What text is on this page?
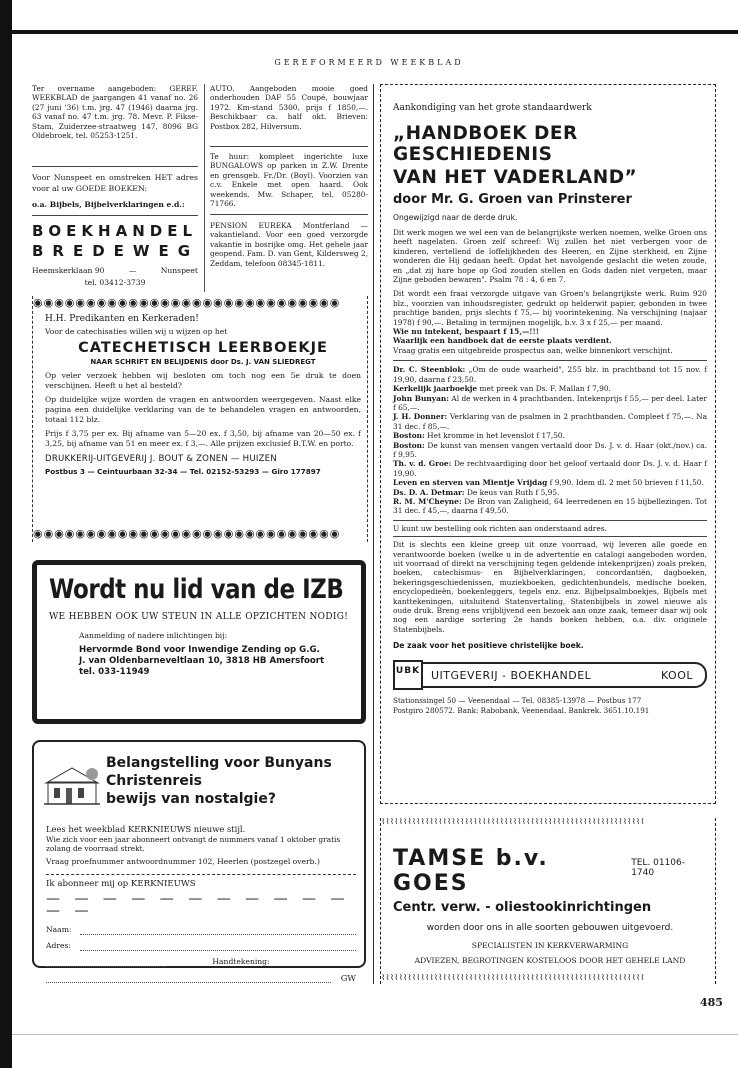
GEREFORMEERD WEEKBLAD
Ter overname aangeboden: GEREF. WEEKBLAD de jaargangen 41 vanaf no. 26 (27 juni '36) t.m. jrg. 47 (1946) daarna jrg. 63 vanaf no. 47 t.m. jrg. 78. Mevr. P. Fikse-Stam, Zuiderzee-straatweg 147, 8096 BG Oldebroek, tel. 05253-1251.
Voor Nunspeet en omstreken HET adres voor al uw GOEDE BOEKEN:
o.a. Bijbels, Bijbelverklaringen e.d.:
BOEKHANDEL
BREDEWEG
Heemskerklaan 90	—	Nunspeet
tel. 03412-3739
AUTO. Aangeboden mooie goed onderhouden DAF 55 Coupé, bouwjaar 1972. Km-stand 5300, prijs f 1850,—. Beschikbaar ca. half okt. Brieven: Postbox 282, Hilversum.
Te huur: kompleet ingerichte luxe BUNGALOWS op parken in Z.W. Drente en grensgeb. Fr./Dr. (Boyl). Voorzien van c.v. Enkele met open haard. Ook weekends. Mw. Schaper, tel. 05280-71766.
PENSION EUREKA Montferland — vakantieland. Voor een goed verzorgde vakantie in bosrijke omg. Het gehele jaar geopend. Fam. D. van Gent, Kildersweg 2, Zeddam, telefoon 08345-1811.
◉◉◉◉◉◉◉◉◉◉◉◉◉◉◉◉◉◉◉◉◉◉◉◉◉◉◉◉◉
H.H. Predikanten en Kerkeraden!
Voor de catechisaties willen wij u wijzen op het
CATECHETISCH LEERBOEKJE
NAAR SCHRIFT EN BELIJDENIS door Ds. J. VAN SLIEDREGT
Op veler verzoek hebben wij besloten om toch nog een 5e druk te doen verschijnen. Heeft u het al besteld?
Op duidelijke wijze worden de vragen en antwoorden weergegeven. Naast elke pagina een duidelijke verklaring van de te behandelen vragen en antwoorden, totaal 112 blz.
Prijs f 3,75 per ex. Bij afname van 5—20 ex. f 3,50, bij afname van 20—50 ex. f 3,25, bij afname van 51 en meer ex. f 3,—. Alle prijzen exclusief B.T.W. en porto.
DRUKKERIJ-UITGEVERIJ J. BOUT & ZONEN — HUIZEN
Postbus 3 — Ceintuurbaan 32-34 — Tel. 02152-53293 — Giro 177897
◉◉◉◉◉◉◉◉◉◉◉◉◉◉◉◉◉◉◉◉◉◉◉◉◉◉◉◉◉
Wordt nu lid van de IZB
WE HEBBEN OOK UW STEUN IN ALLE OPZICHTEN NODIG!
Aanmelding of nadere inlichtingen bij:
Hervormde Bond voor Inwendige Zending op G.G.
J. van Oldenbarneveltlaan 10, 3818 HB Amersfoort
tel. 033-11949
Belangstelling voor Bunyans
Christenreis
bewijs van nostalgie?
Lees het weekblad KERKNIEUWS nieuwe stijl.
Wie zich voor een jaar abonneert ontvangt de nummers vanaf 1 oktober gratis zolang de voorraad strekt.
Vraag proefnummer antwoordnummer 102, Heerlen (postzegel overb.)
Ik abonneer mij op KERKNIEUWS
— — — — — — — — — — — — —
Naam:
Adres:
Handtekening:
GW
Aankondiging van het grote standaardwerk
„HANDBOEK DER GESCHIEDENIS
VAN HET VADERLAND”
door Mr. G. Groen van Prinsterer
Ongewijzigd naar de derde druk.
Dit werk mogen we wel een van de belangrijkste werken noemen, welke Groen ons heeft nagelaten. Groen zelf schreef: Wij zullen het niet verbergen voor de kinderen, vertellend de loffelijkheden des Heeren, en Zijne sterkheid, en Zijne wonderen die Hij gedaan heeft. Opdat het navolgende geslacht die weten zoude, en „dat zij hare hope op God zouden stellen en Gods daden niet vergeten, maar Zijne geboden bewaren". Psalm 78 : 4, 6 en 7.
Dit wordt een fraai verzorgde uitgave van Groen's belangrijkste werk. Ruim 920 blz., voorzien van inhoudsregister, gedrukt op helderwit papier, gebonden in twee prachtige banden, prijs slechts f 75,— bij voorintekening. Na verschijning (najaar 1978) f 90,—. Betaling in termijnen mogelijk, b.v. 3 x f 25,— per maand.
Wie nu intekent, bespaart f 15,—!!!
Waarlijk een handboek dat de eerste plaats verdient.
Vraag gratis een uitgebreide prospectus aan, welke binnenkort verschijnt.
Dr. C. Steenblok: „Om de oude waarheid", 255 blz. in prachtband tot 15 nov. f 19,90, daarna f 23,50.
Kerkelijk jaarboekje met preek van Ds. F. Mallan f 7,90.
John Bunyan: Al de werken in 4 prachtbanden. Intekenprijs f 55,— per deel. Later f 65,—.
J. H. Donner: Verklaring van de psalmen in 2 prachtbanden. Compleet f 75,—. Na 31 dec. f 85,—.
Boston: Het kromme in het levenslot f 17,50.
Boston: De kunst van mensen vangen vertaald door Ds. J. v. d. Haar (okt./nov.) ca. f 9,95.
Th. v. d. Groe: De rechtvaardiging door het geloof vertaald door Ds. J. v. d. Haar f 19,90.
Leven en sterven van Mientje Vrijdag f 9,90. Idem dl. 2 met 50 brieven f 11,50.
Ds. D. A. Detmar: De keus van Ruth f 5,95.
R. M. M'Cheyne: De Bron van Zaligheid, 64 leerredenen en 15 bijbellezingen. Tot 31 dec. f 45,—, daarna f 49,50.
U kunt uw bestelling ook richten aan onderstaand adres.
Dit is slechts een kleine greep uit onze voorraad, wij leveren alle goede en verantwoorde boeken (welke u in de advertentie en catalogi aangeboden worden, uit voorraad of direkt na verschijning tegen geldende intekenprijzen) zoals preken, boeken, catechismus- en Bijbelverklaringen, concordantiën, dagboeken, bekeringsgeschiedenissen, muziekboeken, gedichtenbundels, medische boeken, encyclopedieën, boekenleggers, tegels enz. enz. Bijbelpsalmboekjes, Bijbels met kanttekeningen, uitsluitend Statenvertaling, Statenbijbels in zowel nieuwe als oude druk. Breng eens vrijblijvend een bezoek aan onze zaak, temeer daar wij ook nog een aardige sortering 2e hands boeken hebben, o.a. div. originele Statenbijbels.
De zaak voor het positieve christelijke boek.
UBK UITGEVERIJ - BOEKHANDEL	KOOL
Stationssingel 50 — Veenendaal — Tel. 08385-13978 — Postbus 177
Postgiro 280572. Bank: Rabobank, Veenendaal. Bankrek. 3651.10.191
⌇⌇⌇⌇⌇⌇⌇⌇⌇⌇⌇⌇⌇⌇⌇⌇⌇⌇⌇⌇⌇⌇⌇⌇⌇⌇⌇⌇⌇⌇⌇⌇⌇⌇⌇⌇⌇⌇⌇⌇⌇⌇⌇⌇⌇⌇⌇⌇⌇⌇⌇⌇⌇⌇⌇⌇⌇⌇⌇⌇
TAMSE b.v. GOES
TEL. 01106-1740
Centr. verw. - oliestookinrichtingen
worden door ons in alle soorten gebouwen uitgevoerd.
SPECIALISTEN IN KERKVERWARMING
ADVIEZEN, BEGROTINGEN KOSTELOOS DOOR HET GEHELE LAND
⌇⌇⌇⌇⌇⌇⌇⌇⌇⌇⌇⌇⌇⌇⌇⌇⌇⌇⌇⌇⌇⌇⌇⌇⌇⌇⌇⌇⌇⌇⌇⌇⌇⌇⌇⌇⌇⌇⌇⌇⌇⌇⌇⌇⌇⌇⌇⌇⌇⌇⌇⌇⌇⌇⌇⌇⌇⌇⌇⌇
485
